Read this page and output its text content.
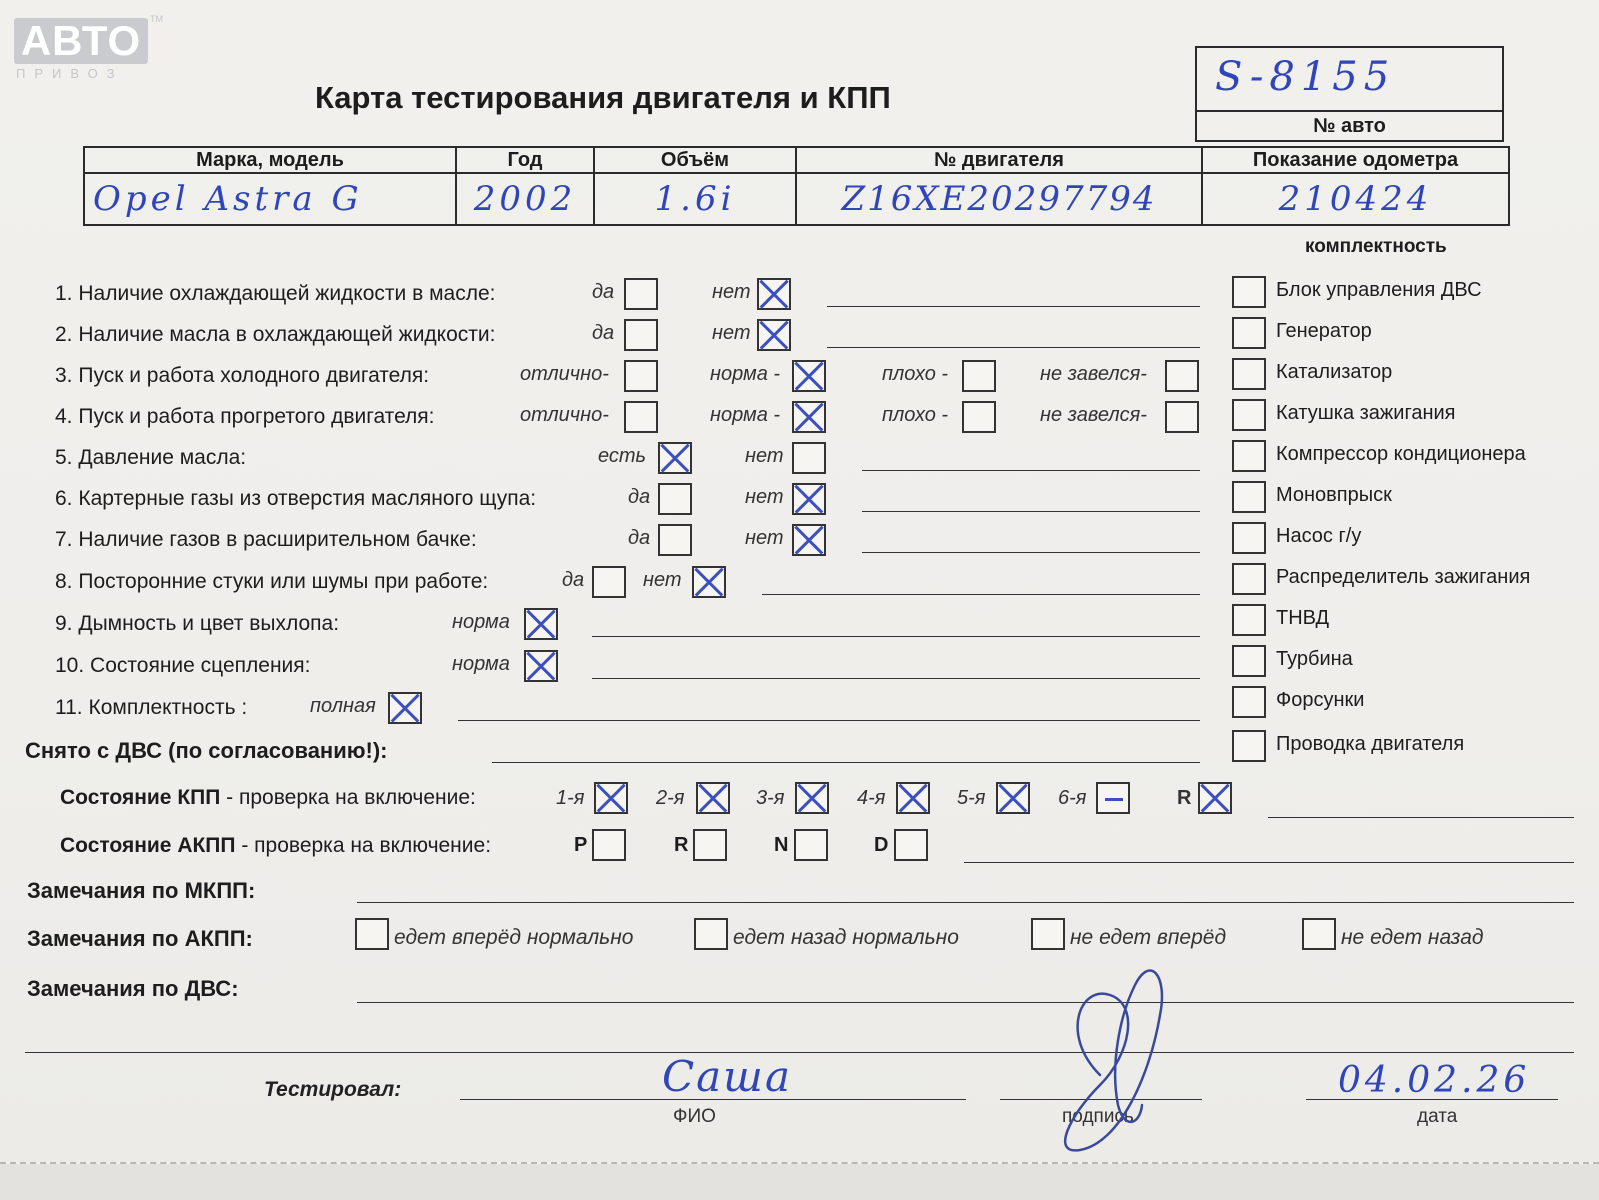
АВТО
ПРИВОЗ
TM
Карта тестирования двигателя и КПП	S-8155
№ авто
Марка, модель	Год	Объём	№ двигателя	Показание одометра
Opel Astra G	2002	1.6i	Z16XE20297794	210424
комплектность
1. Наличие охлаждающей жидкости в масле:	да	нет
2. Наличие масла в охлаждающей жидкости:	да	нет
3. Пуск и работа холодного двигателя:	отлично-	норма -	плохо -	не завелся-
4. Пуск и работа прогретого двигателя:	отлично-	норма -	плохо -	не завелся-
5. Давление масла:	есть	нет
6. Картерные газы из отверстия масляного щупа:	да	нет
7. Наличие газов в расширительном бачке:	да	нет
8. Посторонние стуки или шумы при работе:	да	нет
9. Дымность и цвет выхлопа:	норма
10. Состояние сцепления:	норма
11. Комплектность :	полная
Снято с ДВС (по согласованию!):
Блок управления ДВС
Генератор
Катализатор
Катушка зажигания
Компрессор кондиционера
Моновпрыск
Насос г/у
Распределитель зажигания
ТНВД
Турбина
Форсунки
Проводка двигателя
Состояние КПП - проверка на включение:	1-я	2-я	3-я	4-я	5-я	6-я	R
Состояние АКПП - проверка на включение:	P	R	N	D
Замечания по МКПП:
Замечания по АКПП:	едет вперёд нормально	едет назад нормально	не едет вперёд	не едет назад
Замечания по ДВС:
Тестировал:	Саша
ФИО	подпись
04.02.26
дата
